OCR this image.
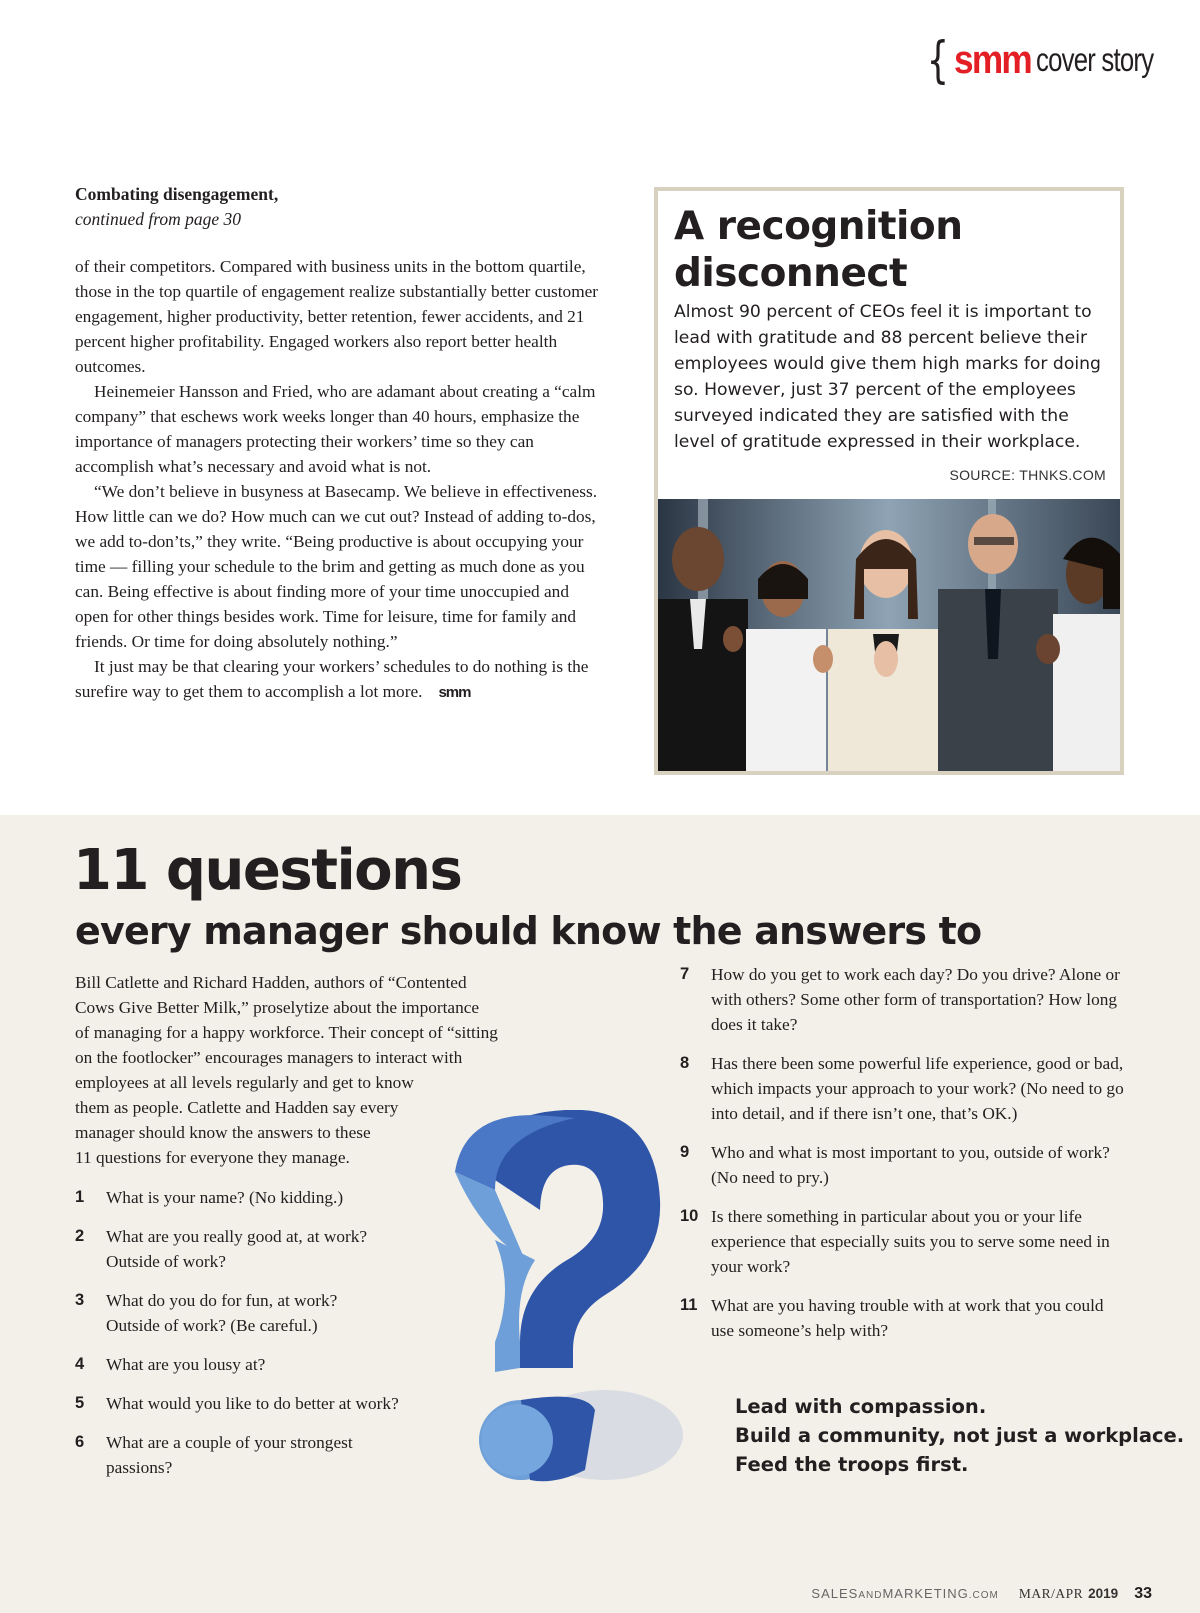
{ smm cover story
Combating disengagement,
continued from page 30

of their competitors. Compared with business units in the bottom quartile, those in the top quartile of engagement realize substantially better customer engagement, higher productivity, better retention, fewer accidents, and 21 percent higher profitability. Engaged workers also report better health outcomes.

Heinemeier Hansson and Fried, who are adamant about creating a “calm company” that eschews work weeks longer than 40 hours, emphasize the importance of managers protecting their workers’ time so they can accomplish what’s necessary and avoid what is not.

“We don’t believe in busyness at Basecamp. We believe in effectiveness. How little can we do? How much can we cut out? Instead of adding to-dos, we add to-don’ts,” they write. “Being productive is about occupying your time — filling your schedule to the brim and getting as much done as you can. Being effective is about finding more of your time unoccupied and open for other things besides work. Time for leisure, time for family and friends. Or time for doing absolutely nothing.”

It just may be that clearing your workers’ schedules to do nothing is the surefire way to get them to accomplish a lot more. smm

A recognition disconnect
Almost 90 percent of CEOs feel it is important to lead with gratitude and 88 percent believe their employees would give them high marks for doing so. However, just 37 percent of the employees surveyed indicated they are satisfied with the level of gratitude expressed in their workplace.
SOURCE: THNKS.COM
11 questions
every manager should know the answers to
Bill Catlette and Richard Hadden, authors of “Contented
Cows Give Better Milk,” proselytize about the importance
of managing for a happy workforce. Their concept of “sitting
on the footlocker” encourages managers to interact with
employees at all levels regularly and get to know
them as people. Catlette and Hadden say every
manager should know the answers to these
11 questions for everyone they manage.
1 What is your name? (No kidding.)
2 What are you really good at, at work? Outside of work?
3 What do you do for fun, at work? Outside of work? (Be careful.)
4 What are you lousy at?
5 What would you like to do better at work?
6 What are a couple of your strongest passions?
7 How do you get to work each day? Do you drive? Alone or with others? Some other form of transportation? How long does it take?
8 Has there been some powerful life experience, good or bad, which impacts your approach to your work? (No need to go into detail, and if there isn’t one, that’s OK.)
9 Who and what is most important to you, outside of work? (No need to pry.)
10 Is there something in particular about you or your life experience that especially suits you to serve some need in your work?
11 What are you having trouble with at work that you could use someone’s help with?
Lead with compassion.
Build a community, not just a workplace.
Feed the troops first.
SALESANDMARKETING.COM MAR/APR 2019 33
